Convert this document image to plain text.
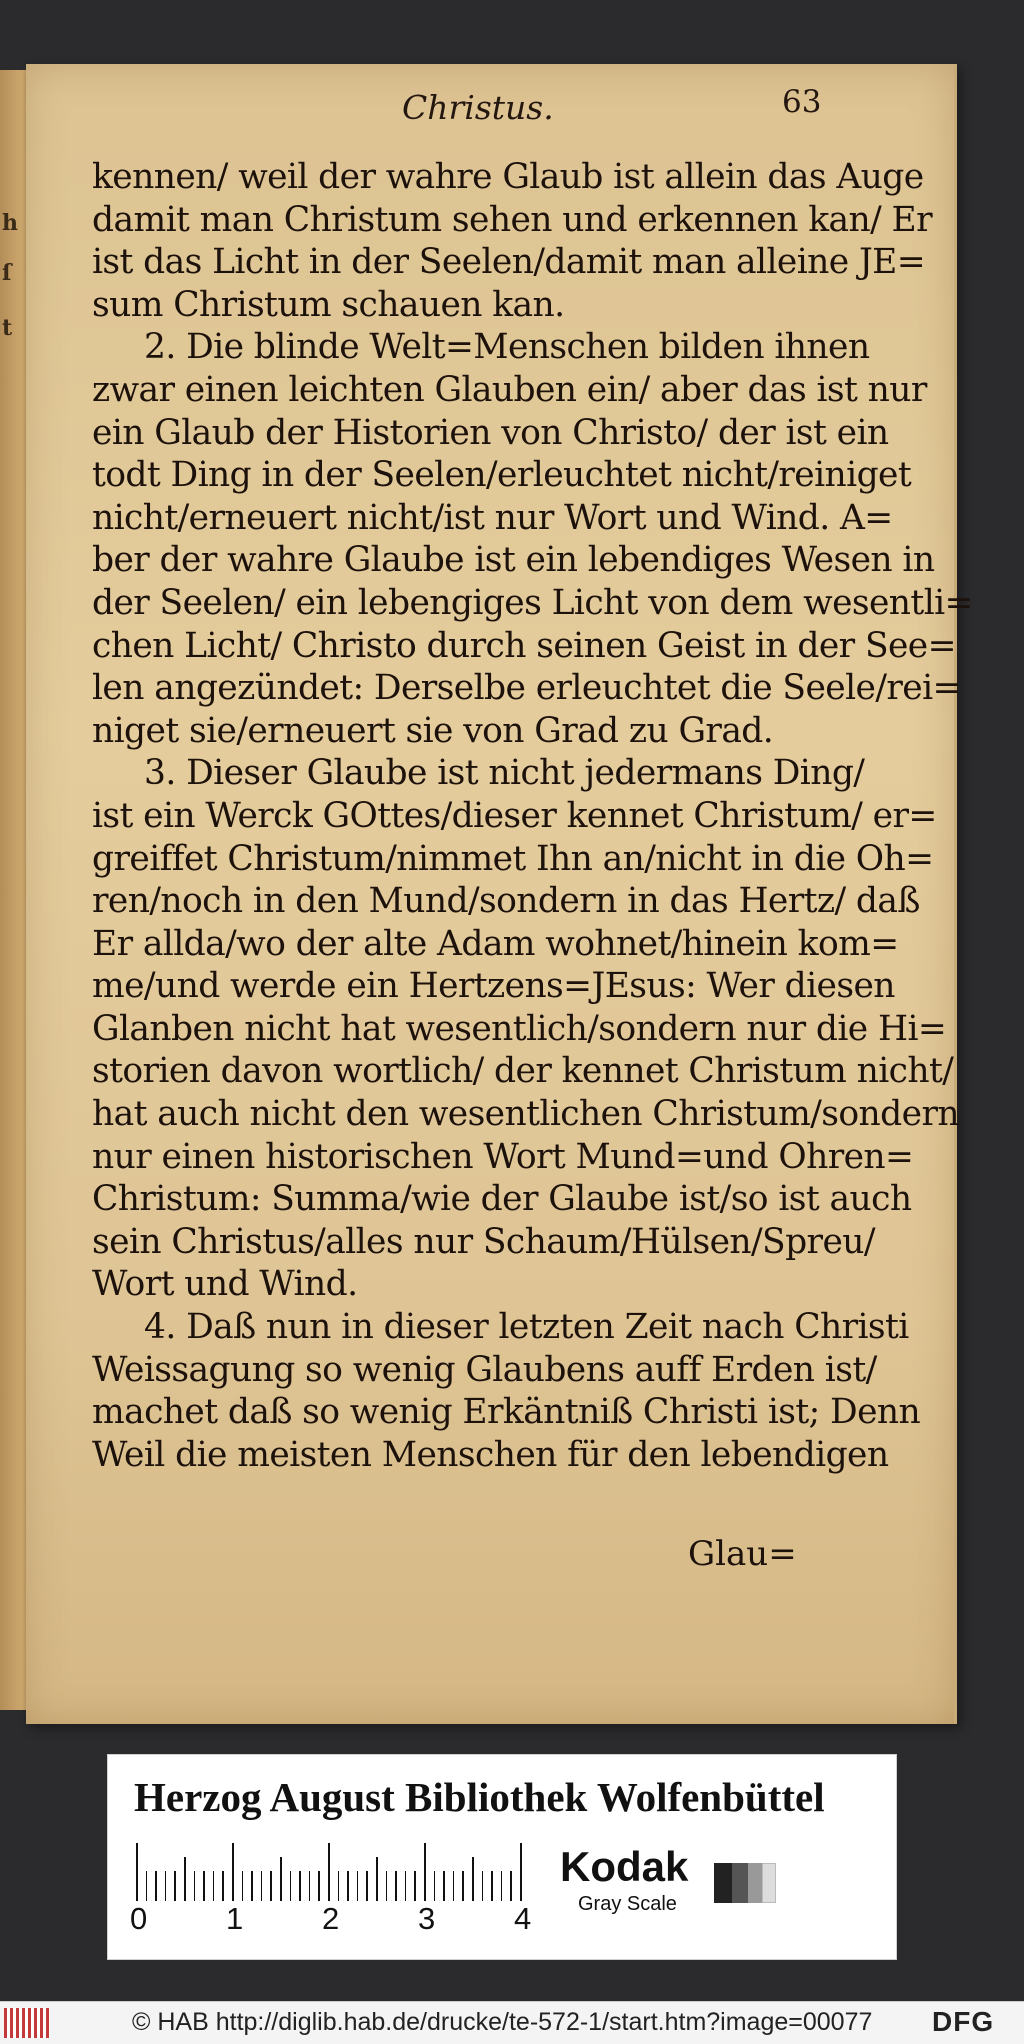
h
ſ
t
Christus.	63
kennen/ weil der wahre Glaub ist allein das Auge
damit man Christum sehen und erkennen kan/ Er
ist das Licht in der Seelen/damit man alleine JE=
sum Christum schauen kan.
2. Die blinde Welt=Menschen bilden ihnen
zwar einen leichten Glauben ein/ aber das ist nur
ein Glaub der Historien von Christo/ der ist ein
todt Ding in der Seelen/erleuchtet nicht/reiniget
nicht/erneuert nicht/ist nur Wort und Wind. A=
ber der wahre Glaube ist ein lebendiges Wesen in
der Seelen/ ein lebengiges Licht von dem wesentli=
chen Licht/ Christo durch seinen Geist in der See=
len angezündet: Derselbe erleuchtet die Seele/rei=
niget sie/erneuert sie von Grad zu Grad.
3. Dieser Glaube ist nicht jedermans Ding/
ist ein Werck GOttes/dieser kennet Christum/ er=
greiffet Christum/nimmet Ihn an/nicht in die Oh=
ren/noch in den Mund/sondern in das Hertz/ daß
Er allda/wo der alte Adam wohnet/hinein kom=
me/und werde ein Hertzens=JEsus: Wer diesen
Glanben nicht hat wesentlich/sondern nur die Hi=
storien davon wortlich/ der kennet Christum nicht/
hat auch nicht den wesentlichen Christum/sondern
nur einen historischen Wort Mund=und Ohren=
Christum: Summa/wie der Glaube ist/so ist auch
sein Christus/alles nur Schaum/Hülsen/Spreu/
Wort und Wind.
4. Daß nun in dieser letzten Zeit nach Christi
Weissagung so wenig Glaubens auff Erden ist/
machet daß so wenig Erkäntniß Christi ist; Denn
Weil die meisten Menschen für den lebendigen
Glau=
Herzog August Bibliothek Wolfenbüttel
0	1	2	3	4
Kodak
Gray Scale
© HAB http://diglib.hab.de/drucke/te-572-1/start.htm?image=00077 DFG
